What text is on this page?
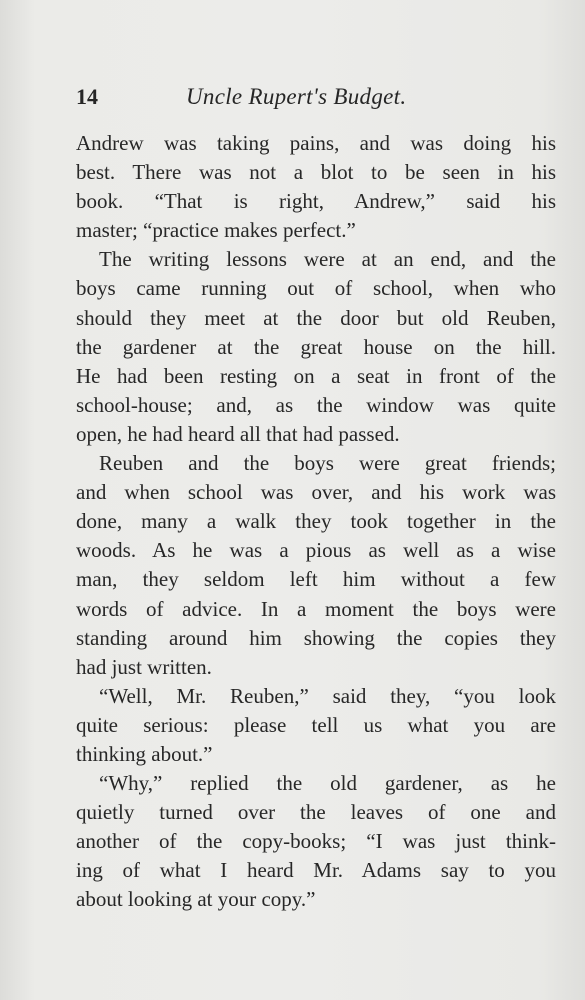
14	Uncle Rupert's Budget.
Andrew was taking pains, and was doing his
best. There was not a blot to be seen in his
book. “That is right, Andrew,” said his
master; “practice makes perfect.”
The writing lessons were at an end, and the
boys came running out of school, when who
should they meet at the door but old Reuben,
the gardener at the great house on the hill.
He had been resting on a seat in front of the
school-house; and, as the window was quite
open, he had heard all that had passed.
Reuben and the boys were great friends;
and when school was over, and his work was
done, many a walk they took together in the
woods. As he was a pious as well as a wise
man, they seldom left him without a few
words of advice. In a moment the boys were
standing around him showing the copies they
had just written.
“Well, Mr. Reuben,” said they, “you look
quite serious: please tell us what you are
thinking about.”
“Why,” replied the old gardener, as he
quietly turned over the leaves of one and
another of the copy-books; “I was just think-
ing of what I heard Mr. Adams say to you
about looking at your copy.”
